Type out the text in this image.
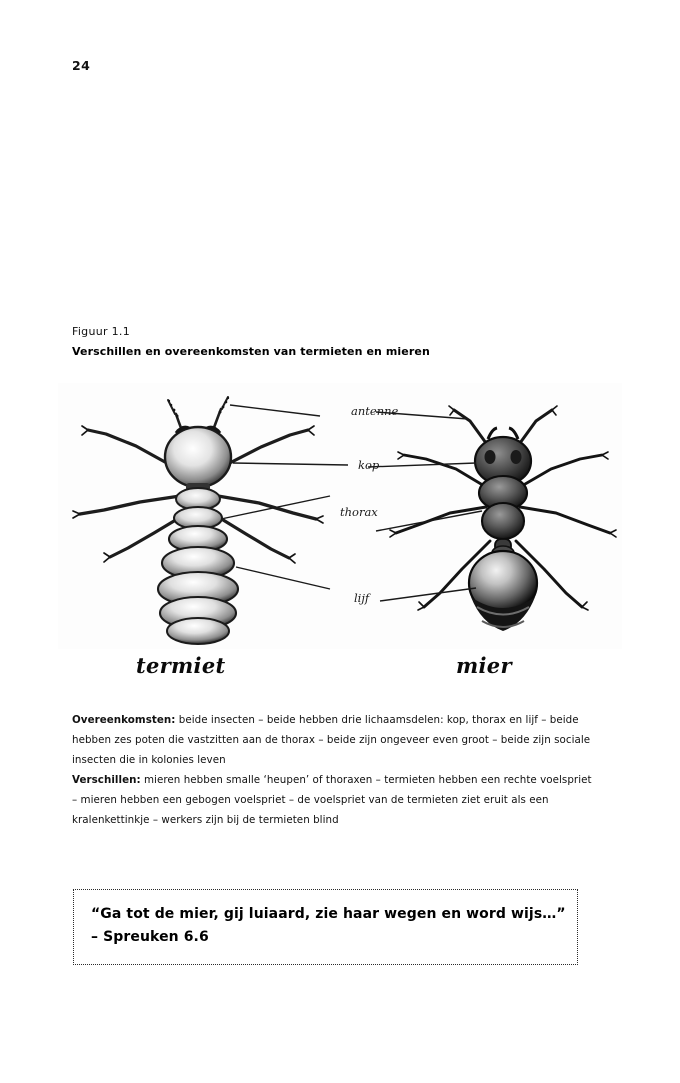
24
Figuur 1.1
Verschillen en overeenkomsten van termieten en mieren
antenne
kop
thorax
lijf
termiet	mier

Overeenkomsten: beide insecten – beide hebben drie lichaamsdelen: kop, thorax en lijf – beide hebben zes poten die vastzitten aan de thorax – beide zijn ongeveer even groot – beide zijn sociale insecten die in kolonies leven

Verschillen: mieren hebben smalle ‘heupen’ of thoraxen – termieten hebben een rechte voelspriet – mieren hebben een gebogen voelspriet – de voelspriet van de termieten ziet eruit als een kralenkettinkje – werkers zijn bij de termieten blind

“Ga tot de mier, gij luiaard, zie haar wegen en word wijs…”
– Spreuken 6.6
